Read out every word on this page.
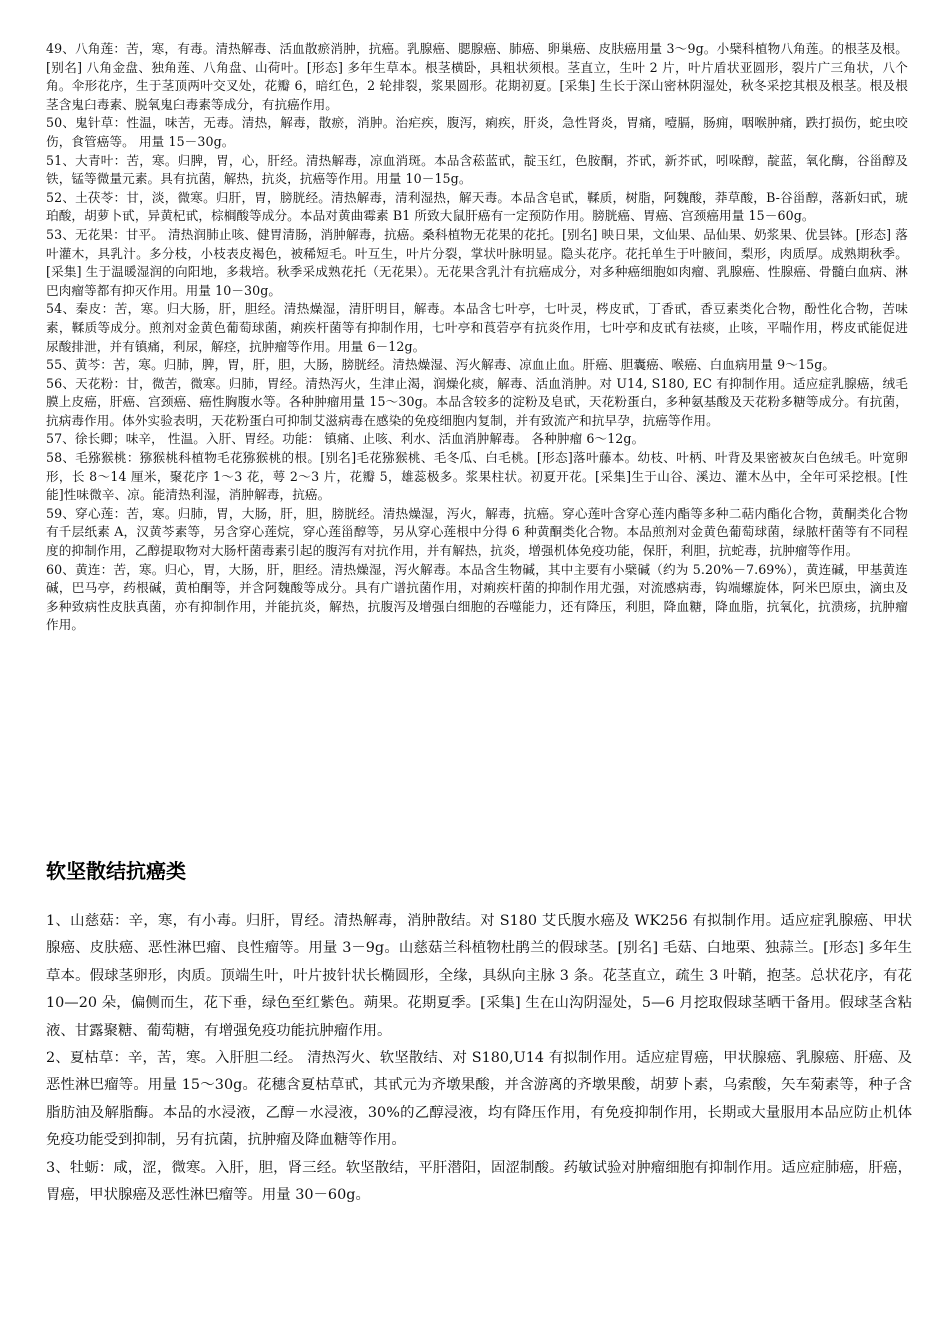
49、八角莲：苦，寒，有毒。清热解毒、活血散瘀消肿，抗癌。乳腺癌、腮腺癌、肺癌、卵巢癌、皮肤癌用量 3～9g。小檗科植物八角莲。的根茎及根。[别名] 八角金盘、独角莲、八角盘、山荷叶。[形态] 多年生草本。根茎横卧，具粗状须根。茎直立，生叶 2 片，叶片盾状亚圆形，裂片广三角状，八个角。伞形花序，生于茎顶两叶交叉处，花瓣 6，暗红色，2 轮排裂，浆果圆形。花期初夏。[采集] 生长于深山密林阴湿处，秋冬采挖其根及根茎。根及根茎含鬼臼毒素、脱氧鬼臼毒素等成分，有抗癌作用。

50、鬼针草：性温，味苦，无毒。清热，解毒，散瘀，消肿。治疟疾，腹泻，痢疾，肝炎，急性肾炎，胃痛，噎膈，肠痈，咽喉肿痛，跌打损伤，蛇虫咬伤，食管癌等。 用量 15－30g。

51、大青叶：苦，寒。归脾，胃，心，肝经。清热解毒，凉血消斑。本品含菘蓝甙，靛玉红，色胺酮，芥甙，新芥甙，吲哚醇，靛蓝，氧化酶，谷甾醇及铁，锰等微量元素。具有抗菌，解热，抗炎，抗癌等作用。用量 10－15g。

52、土茯苓：甘，淡，微寒。归肝，胃，膀胱经。清热解毒，清利湿热，解天毒。本品含皂甙，鞣质，树脂，阿魏酸，莽草酸，B-谷甾醇，落新妇甙，琥珀酸，胡萝卜甙，异黄杞甙，棕榈酸等成分。本品对黄曲霉素 B1 所致大鼠肝癌有一定预防作用。膀胱癌、胃癌、宫颈癌用量 15－60g。

53、无花果：甘平。 清热润肺止咳、健胃清肠，消肿解毒，抗癌。桑科植物无花果的花托。[别名] 映日果，文仙果、品仙果、奶浆果、优昙钵。[形态] 落叶灌木，具乳汁。多分枝，小枝表皮褐色，被稀短毛。叶互生，叶片分裂，掌状叶脉明显。隐头花序。花托单生于叶腋间，梨形，肉质厚。成熟期秋季。[采集] 生于温暖湿润的向阳地，多栽培。秋季采成熟花托（无花果）。无花果含乳汁有抗癌成分，对多种癌细胞如肉瘤、乳腺癌、性腺癌、骨髓白血病、淋巴肉瘤等都有抑灭作用。用量 10－30g。

54、秦皮：苦，寒。归大肠，肝，胆经。清热燥湿，清肝明目，解毒。本品含七叶亭，七叶灵，梣皮甙，丁香甙，香豆素类化合物，酚性化合物，苦味素，鞣质等成分。煎剂对金黄色葡萄球菌，痢疾杆菌等有抑制作用，七叶亭和莨菪亭有抗炎作用，七叶亭和皮甙有祛痰，止咳，平喘作用，梣皮甙能促进尿酸排泄，并有镇痛，利尿，解痉，抗肿瘤等作用。用量 6－12g。

55、黄芩：苦，寒。归肺，脾，胃，肝，胆，大肠，膀胱经。清热燥湿、泻火解毒、凉血止血。肝癌、胆囊癌、喉癌、白血病用量 9～15g。

56、天花粉：甘，微苦，微寒。归肺，胃经。清热泻火，生津止渴，润燥化痰，解毒、活血消肿。对 U14, S180, EC 有抑制作用。适应症乳腺癌，绒毛膜上皮癌，肝癌、宫颈癌、癌性胸腹水等。各种肿瘤用量 15～30g。本品含较多的淀粉及皂甙，天花粉蛋白，多种氨基酸及天花粉多糖等成分。有抗菌，抗病毒作用。体外实验表明，天花粉蛋白可抑制艾滋病毒在感染的免疫细胞内复制，并有致流产和抗早孕，抗癌等作用。

57、徐长卿；味辛， 性温。入肝、胃经。功能： 镇痛、止咳、利水、活血消肿解毒。 各种肿瘤 6～12g。

58、毛猕猴桃：猕猴桃科植物毛花猕猴桃的根。[别名]毛花猕猴桃、毛冬瓜、白毛桃。[形态]落叶藤本。幼枝、叶柄、叶背及果密被灰白色绒毛。叶宽卵形，长 8～14 厘米，聚花序 1～3 花，萼 2～3 片，花瓣 5，雄蕊极多。浆果柱状。初夏开花。[采集]生于山谷、溪边、灌木丛中，全年可采挖根。[性能]性味微辛、凉。能清热利湿，消肿解毒，抗癌。

59、穿心莲：苦，寒。归肺，胃，大肠，肝，胆，膀胱经。清热燥湿，泻火，解毒，抗癌。穿心莲叶含穿心莲内酯等多种二萜内酯化合物，黄酮类化合物有千层纸素 A，汉黄芩素等，另含穿心莲烷，穿心莲甾醇等，另从穿心莲根中分得 6 种黄酮类化合物。本品煎剂对金黄色葡萄球菌，绿脓杆菌等有不同程度的抑制作用，乙醇提取物对大肠杆菌毒素引起的腹泻有对抗作用，并有解热，抗炎，增强机体免疫功能，保肝，利胆，抗蛇毒，抗肿瘤等作用。

60、黄连：苦，寒。归心，胃，大肠，肝，胆经。清热燥湿，泻火解毒。本品含生物碱，其中主要有小檗碱（约为 5.20%－7.69%），黄连碱，甲基黄连碱，巴马亭，药根碱，黄柏酮等，并含阿魏酸等成分。具有广谱抗菌作用，对痢疾杆菌的抑制作用尤强，对流感病毒，钩端螺旋体，阿米巴原虫，滴虫及多种致病性皮肤真菌，亦有抑制作用，并能抗炎，解热，抗腹泻及增强白细胞的吞噬能力，还有降压，利胆，降血糖，降血脂，抗氧化，抗溃疡，抗肿瘤作用。

软坚散结抗癌类

1、山慈菇：辛，寒，有小毒。归肝，胃经。清热解毒，消肿散结。对 S180 艾氏腹水癌及 WK256 有拟制作用。适应症乳腺癌、甲状腺癌、皮肤癌、恶性淋巴瘤、良性瘤等。用量 3－9g。山慈菇兰科植物杜鹃兰的假球茎。[别名] 毛菇、白地栗、独蒜兰。[形态] 多年生草本。假球茎卵形，肉质。顶端生叶，叶片披针状长椭圆形，全缘，具纵向主脉 3 条。花茎直立，疏生 3 叶鞘，抱茎。总状花序，有花 10—20 朵，偏侧而生，花下垂，绿色至红紫色。蒴果。花期夏季。[采集] 生在山沟阴湿处，5—6 月挖取假球茎晒干备用。假球茎含粘液、甘露聚糖、葡萄糖，有增强免疫功能抗肿瘤作用。

2、夏枯草：辛，苦，寒。入肝胆二经。 清热泻火、软坚散结、对 S180,U14 有拟制作用。适应症胃癌，甲状腺癌、乳腺癌、肝癌、及恶性淋巴瘤等。用量 15～30g。花穗含夏枯草甙，其甙元为齐墩果酸，并含游离的齐墩果酸，胡萝卜素，乌索酸，矢车菊素等，种子含脂肪油及解脂酶。本品的水浸液，乙醇－水浸液，30%的乙醇浸液，均有降压作用，有免疫抑制作用，长期或大量服用本品应防止机体免疫功能受到抑制，另有抗菌，抗肿瘤及降血糖等作用。

3、牡蛎：咸，涩，微寒。入肝，胆，肾三经。软坚散结，平肝潜阳，固涩制酸。药敏试验对肿瘤细胞有抑制作用。适应症肺癌，肝癌，胃癌，甲状腺癌及恶性淋巴瘤等。用量 30－60g。
